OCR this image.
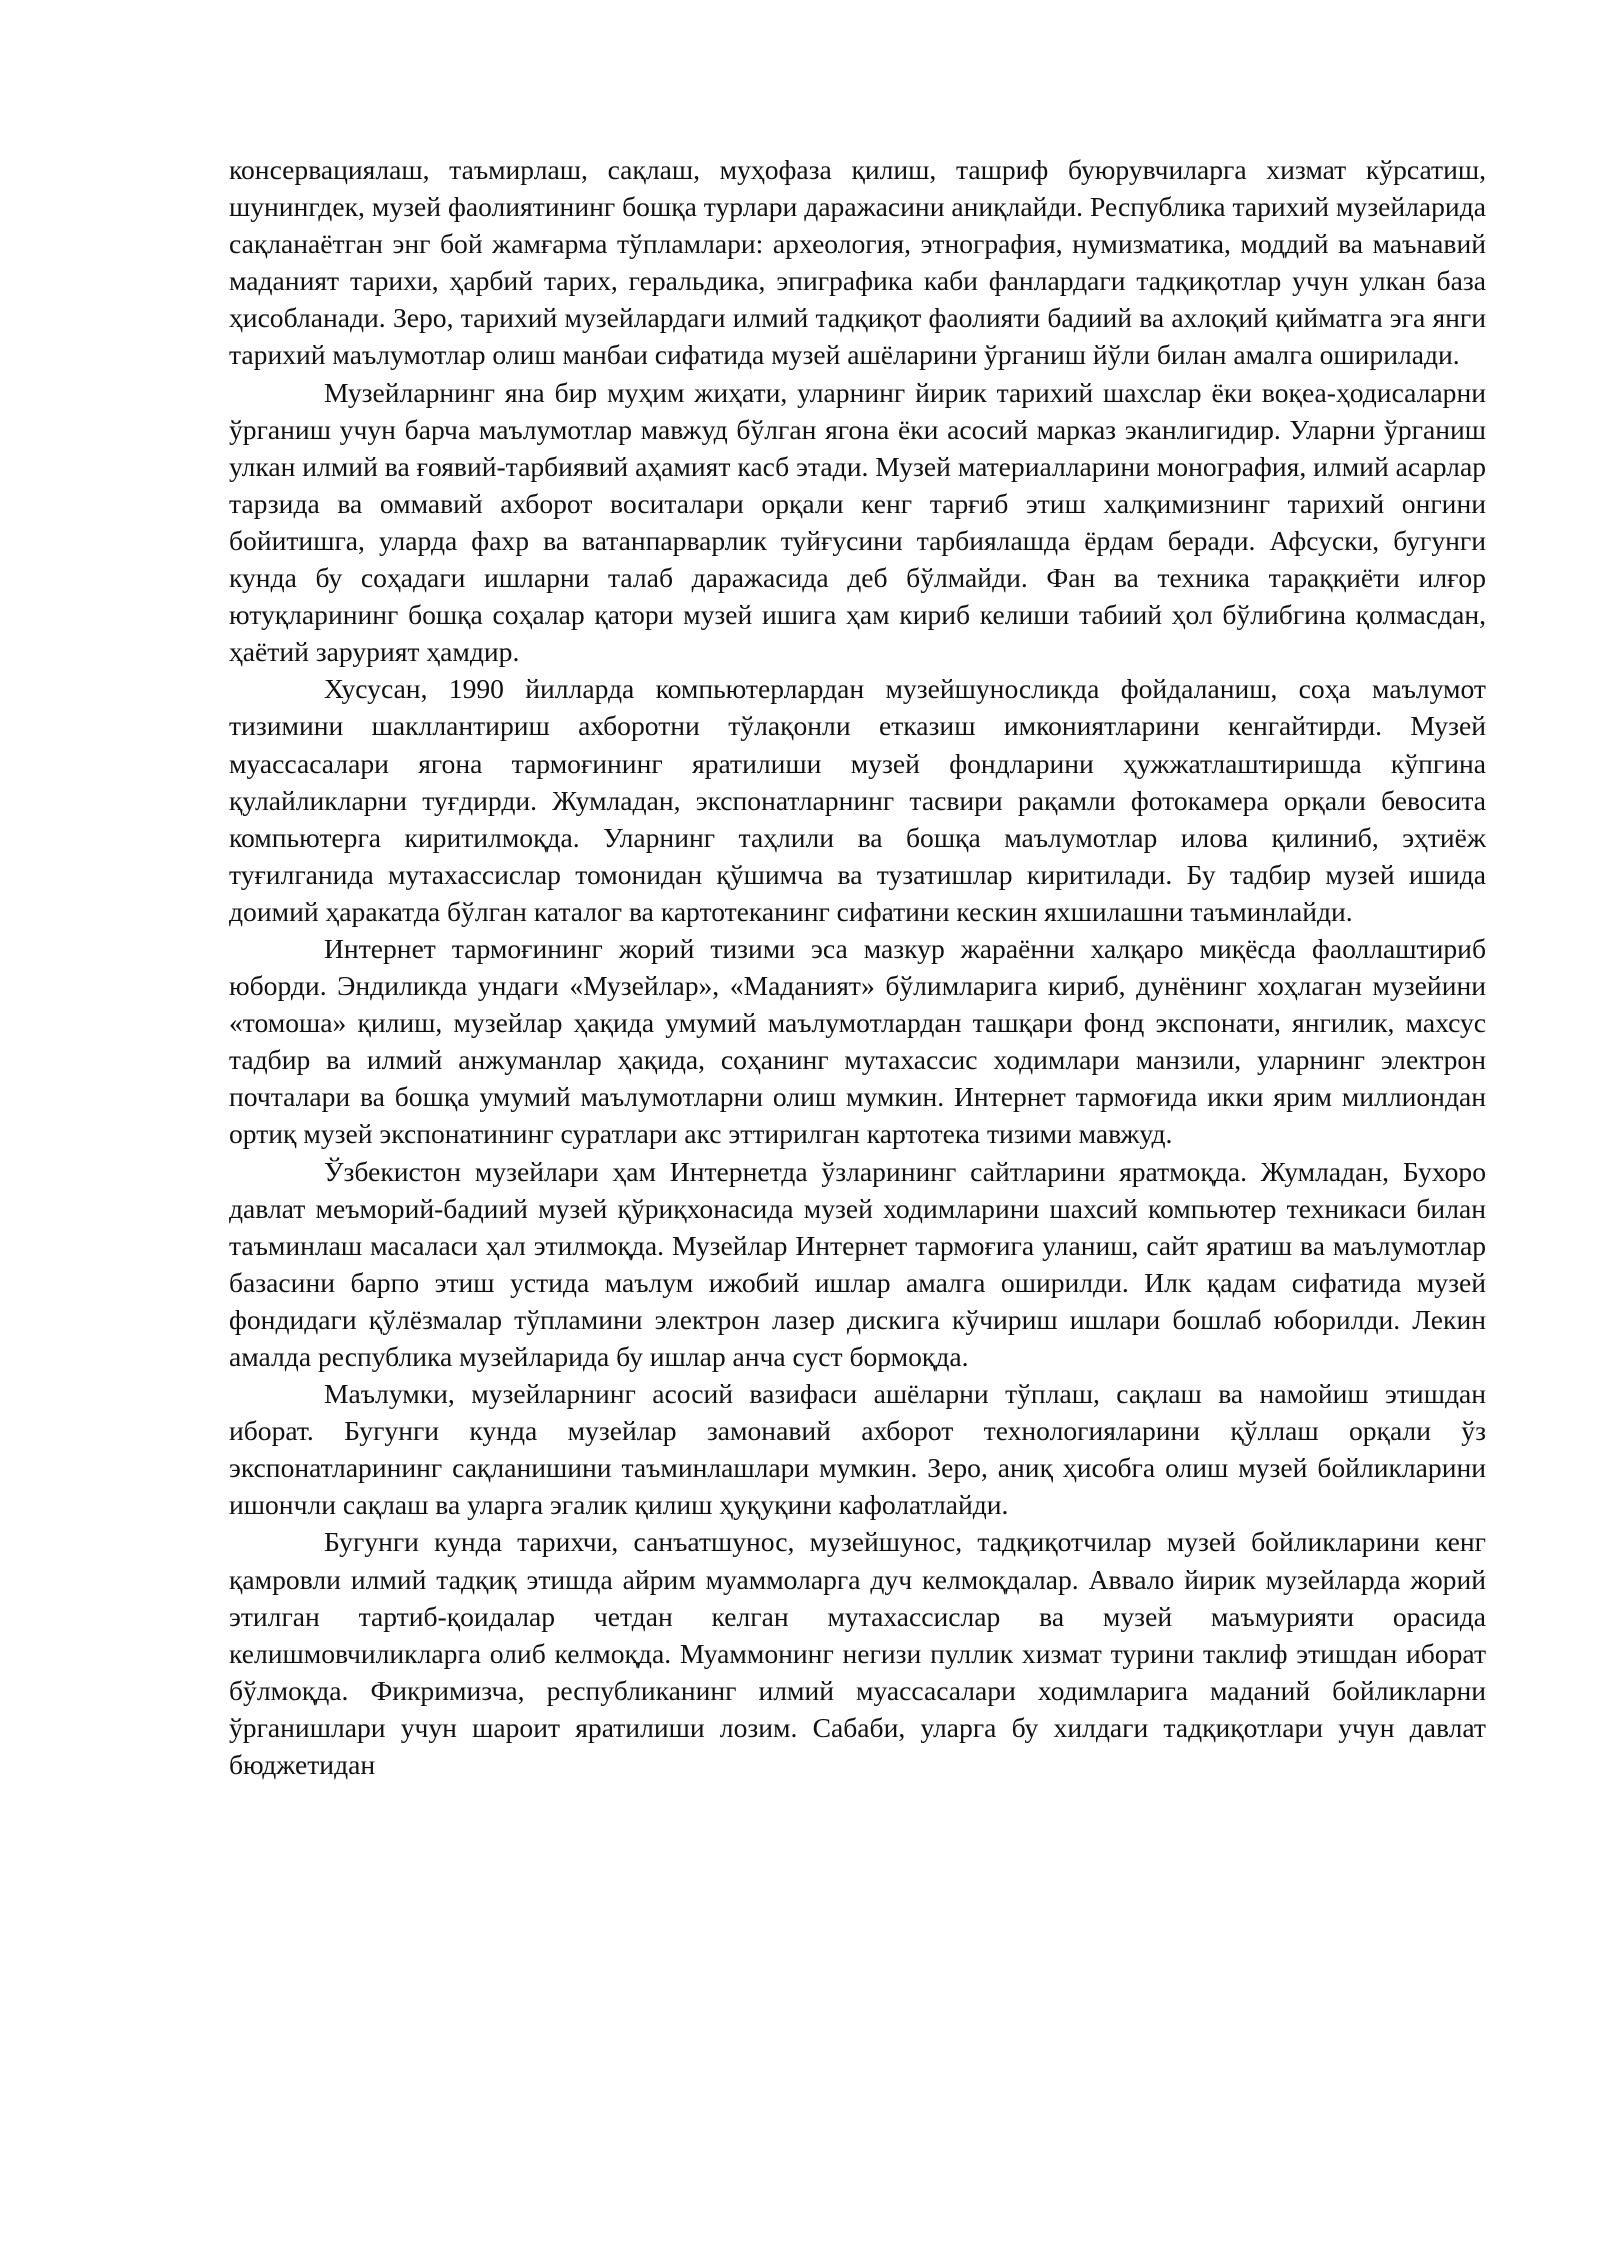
консервациялаш, таъмирлаш, сақлаш, муҳофаза қилиш, ташриф буюрувчиларга хизмат кўрсатиш, шунингдек, музей фаолиятининг бошқа турлари даражасини аниқлайди. Республика тарихий музейларида сақланаётган энг бой жамғарма тўпламлари: археология, этнография, нумизматика, моддий ва маънавий маданият тарихи, ҳарбий тарих, геральдика, эпиграфика каби фанлардаги тадқиқотлар учун улкан база ҳисобланади. Зеро, тарихий музейлардаги илмий тадқиқот фаолияти бадиий ва ахлоқий қийматга эга янги тарихий маълумотлар олиш манбаи сифатида музей ашёларини ўрганиш йўли билан амалга оширилади.

Музейларнинг яна бир муҳим жиҳати, уларнинг йирик тарихий шахслар ёки воқеа-ҳодисаларни ўрганиш учун барча маълумотлар мавжуд бўлган ягона ёки асосий марказ эканлигидир. Уларни ўрганиш улкан илмий ва ғоявий-тарбиявий аҳамият касб этади. Музей материалларини монография, илмий асарлар тарзида ва оммавий ахборот воситалари орқали кенг тарғиб этиш халқимизнинг тарихий онгини бойитишга, уларда фахр ва ватанпарварлик туйғусини тарбиялашда ёрдам беради. Афсуски, бугунги кунда бу соҳадаги ишларни талаб даражасида деб бўлмайди. Фан ва техника тараққиёти илғор ютуқларининг бошқа соҳалар қатори музей ишига ҳам кириб келиши табиий ҳол бўлибгина қолмасдан, ҳаётий зарурият ҳамдир.

Хусусан, 1990 йилларда компьютерлардан музейшуносликда фойдаланиш, соҳа маълумот тизимини шакллантириш ахборотни тўлақонли етказиш имкониятларини кенгайтирди. Музей муассасалари ягона тармоғининг яратилиши музей фондларини ҳужжатлаштиришда кўпгина қулайликларни туғдирди. Жумладан, экспонатларнинг тасвири рақамли фотокамера орқали бевосита компьютерга киритилмоқда. Уларнинг таҳлили ва бошқа маълумотлар илова қилиниб, эҳтиёж туғилганида мутахассислар томонидан қўшимча ва тузатишлар киритилади. Бу тадбир музей ишида доимий ҳаракатда бўлган каталог ва картотеканинг сифатини кескин яхшилашни таъминлайди.

Интернет тармоғининг жорий тизими эса мазкур жараённи халқаро миқёсда фаоллаштириб юборди. Эндиликда ундаги «Музейлар», «Маданият» бўлимларига кириб, дунёнинг хоҳлаган музейини «томоша» қилиш, музейлар ҳақида умумий маълумотлардан ташқари фонд экспонати, янгилик, махсус тадбир ва илмий анжуманлар ҳақида, соҳанинг мутахассис ходимлари манзили, уларнинг электрон почталари ва бошқа умумий маълумотларни олиш мумкин. Интернет тармоғида икки ярим миллиондан ортиқ музей экспонатининг суратлари акс эттирилган картотека тизими мавжуд.

Ўзбекистон музейлари ҳам Интернетда ўзларининг сайтларини яратмоқда. Жумладан, Бухоро давлат меъморий-бадиий музей қўриқхонасида музей ходимларини шахсий компьютер техникаси билан таъминлаш масаласи ҳал этилмоқда. Музейлар Интернет тармоғига уланиш, сайт яратиш ва маълумотлар базасини барпо этиш устида маълум ижобий ишлар амалга оширилди. Илк қадам сифатида музей фондидаги қўлёзмалар тўпламини электрон лазер дискига кўчириш ишлари бошлаб юборилди. Лекин амалда республика музейларида бу ишлар анча суст бормоқда.

Маълумки, музейларнинг асосий вазифаси ашёларни тўплаш, сақлаш ва намойиш этишдан иборат. Бугунги кунда музейлар замонавий ахборот технологияларини қўллаш орқали ўз экспонатларининг сақланишини таъминлашлари мумкин. Зеро, аниқ ҳисобга олиш музей бойликларини ишончли сақлаш ва уларга эгалик қилиш ҳуқуқини кафолатлайди.

Бугунги кунда тарихчи, санъатшунос, музейшунос, тадқиқотчилар музей бойликларини кенг қамровли илмий тадқиқ этишда айрим муаммоларга дуч келмоқдалар. Аввало йирик музейларда жорий этилган тартиб-қоидалар четдан келган мутахассислар ва музей маъмурияти орасида келишмовчиликларга олиб келмоқда. Муаммонинг негизи пуллик хизмат турини таклиф этишдан иборат бўлмоқда. Фикримизча, республиканинг илмий муассасалари ходимларига маданий бойликларни ўрганишлари учун шароит яратилиши лозим. Сабаби, уларга бу хилдаги тадқиқотлари учун давлат бюджетидан
